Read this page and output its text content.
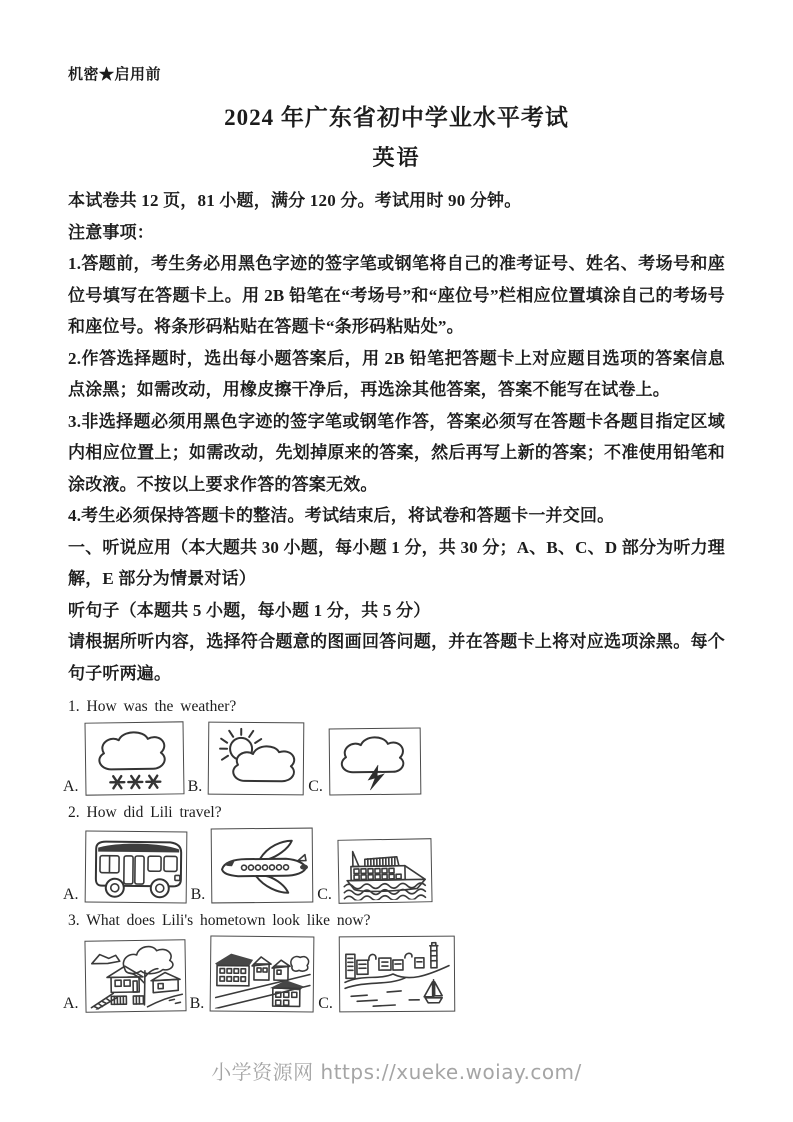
机密★启用前

2024 年广东省初中学业水平考试
英语

本试卷共 12 页，81 小题，满分 120 分。考试用时 90 分钟。

注意事项：

1.答题前，考生务必用黑色字迹的签字笔或钢笔将自己的准考证号、姓名、考场号和座位号填写在答题卡上。用 2B 铅笔在“考场号”和“座位号”栏相应位置填涂自己的考场号和座位号。将条形码粘贴在答题卡“条形码粘贴处”。

2.作答选择题时，选出每小题答案后，用 2B 铅笔把答题卡上对应题目选项的答案信息点涂黑；如需改动，用橡皮擦干净后，再选涂其他答案，答案不能写在试卷上。

3.非选择题必须用黑色字迹的签字笔或钢笔作答，答案必须写在答题卡各题目指定区域内相应位置上；如需改动，先划掉原来的答案，然后再写上新的答案；不准使用铅笔和涂改液。不按以上要求作答的答案无效。

4.考生必须保持答题卡的整洁。考试结束后，将试卷和答题卡一并交回。

一、听说应用（本大题共 30 小题，每小题 1 分，共 30 分；A、B、C、D 部分为听力理解，E 部分为情景对话）

听句子（本题共 5 小题，每小题 1 分，共 5 分）

请根据所听内容，选择符合题意的图画回答问题，并在答题卡上将对应选项涂黑。每个句子听两遍。

1. How was the weather?

A.	B.	C.

2. How did Lili travel?

A.	B.	C.

3. What does Lili's hometown look like now?

A.	B.	C.

小学资源网 https://xueke.woiay.com/
